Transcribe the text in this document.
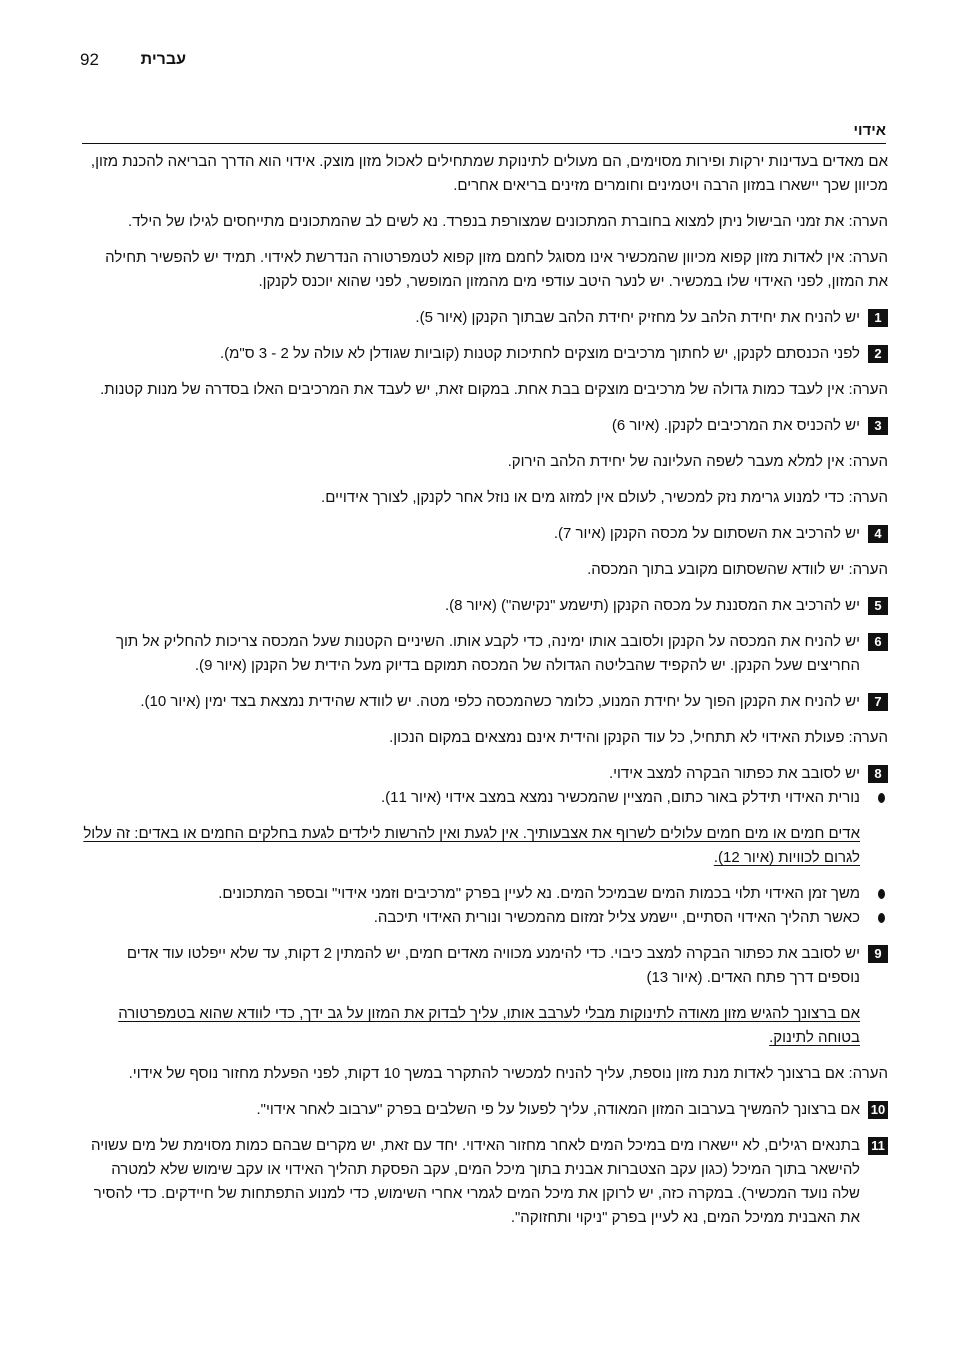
92	עברית
אידוי

אם מאדים בעדינות ירקות ופירות מסוימים, הם מעולים לתינוקת שמתחילים לאכול מזון מוצק. אידוי הוא הדרך הבריאה להכנת מזון, מכיוון שכך יישארו במזון הרבה ויטמינים וחומרים מזינים בריאים אחרים.

הערה: את זמני הבישול ניתן למצוא בחוברת המתכונים שמצורפת בנפרד. נא לשים לב שהמתכונים מתייחסים לגילו של הילד.

הערה: אין לאדות מזון קפוא מכיוון שהמכשיר אינו מסוגל לחמם מזון קפוא לטמפרטורה הנדרשת לאידוי. תמיד יש להפשיר תחילה את המזון, לפני האידוי שלו במכשיר. יש לנער היטב עודפי מים מהמזון המופשר, לפני שהוא יוכנס לקנקן.

1
יש להניח את יחידת הלהב על מחזיק יחידת הלהב שבתוך הקנקן (איור 5).
2
לפני הכנסתם לקנקן, יש לחתוך מרכיבים מוצקים לחתיכות קטנות (קוביות שגודלן לא עולה על 2 - 3 ס"מ).

הערה: אין לעבד כמות גדולה של מרכיבים מוצקים בבת אחת. במקום זאת, יש לעבד את המרכיבים האלו בסדרה של מנות קטנות.

3
יש להכניס את המרכיבים לקנקן. (איור 6)

הערה: אין למלא מעבר לשפה העליונה של יחידת הלהב הירוק.

הערה: כדי למנוע גרימת נזק למכשיר, לעולם אין למזוג מים או נוזל אחר לקנקן, לצורך אידויים.

4
יש להרכיב את השסתום על מכסה הקנקן (איור 7).

הערה: יש לוודא שהשסתום מקובע בתוך המכסה.

5
יש להרכיב את המסננת על מכסה הקנקן (תישמע "נקישה") (איור 8).
6
יש להניח את המכסה על הקנקן ולסובב אותו ימינה, כדי לקבע אותו. השיניים הקטנות שעל המכסה צריכות להחליק אל תוך החריצים שעל הקנקן. יש להקפיד שהבליטה הגדולה של המכסה תמוקם בדיוק מעל הידית של הקנקן (איור 9).
7
יש להניח את הקנקן הפוך על יחידת המנוע, כלומר כשהמכסה כלפי מטה. יש לוודא שהידית נמצאת בצד ימין (איור 10).

הערה: פעולת האידוי לא תתחיל, כל עוד הקנקן והידית אינם נמצאים במקום הנכון.

8
יש לסובב את כפתור הבקרה למצב אידוי.
נורית האידוי תידלק באור כתום, המציין שהמכשיר נמצא במצב אידוי (איור 11).

אדים חמים או מים חמים עלולים לשרוף את אצבעותיך. אין לגעת ואין להרשות לילדים לגעת בחלקים החמים או באדים: זה עלול לגרום לכוויות (איור 12).

משך זמן האידוי תלוי בכמות המים שבמיכל המים. נא לעיין בפרק "מרכיבים וזמני אידוי" ובספר המתכונים.
כאשר תהליך האידוי הסתיים, יישמע צליל זמזום מהמכשיר ונורית האידוי תיכבה.
9
יש לסובב את כפתור הבקרה למצב כיבוי. כדי להימנע מכוויה מאדים חמים, יש להמתין 2 דקות, עד שלא ייפלטו עוד אדים נוספים דרך פתח האדים. (איור 13)

אם ברצונך להגיש מזון מאודה לתינוקות מבלי לערבב אותו, עליך לבדוק את המזון על גב ידך, כדי לוודא שהוא בטמפרטורה בטוחה לתינוק.

הערה: אם ברצונך לאדות מנת מזון נוספת, עליך להניח למכשיר להתקרר במשך 10 דקות, לפני הפעלת מחזור נוסף של אידוי.

10
אם ברצונך להמשיך בערבוב המזון המאודה, עליך לפעול על פי השלבים בפרק "ערבוב לאחר אידוי".
11
בתנאים רגילים, לא יישארו מים במיכל המים לאחר מחזור האידוי. יחד עם זאת, יש מקרים שבהם כמות מסוימת של מים עשויה להישאר בתוך המיכל (כגון עקב הצטברות אבנית בתוך מיכל המים, עקב הפסקת תהליך האידוי או עקב שימוש שלא למטרה שלה נועד המכשיר). במקרה כזה, יש לרוקן את מיכל המים לגמרי אחרי השימוש, כדי למנוע התפתחות של חיידקים. כדי להסיר את האבנית ממיכל המים, נא לעיין בפרק "ניקוי ותחזוקה".
